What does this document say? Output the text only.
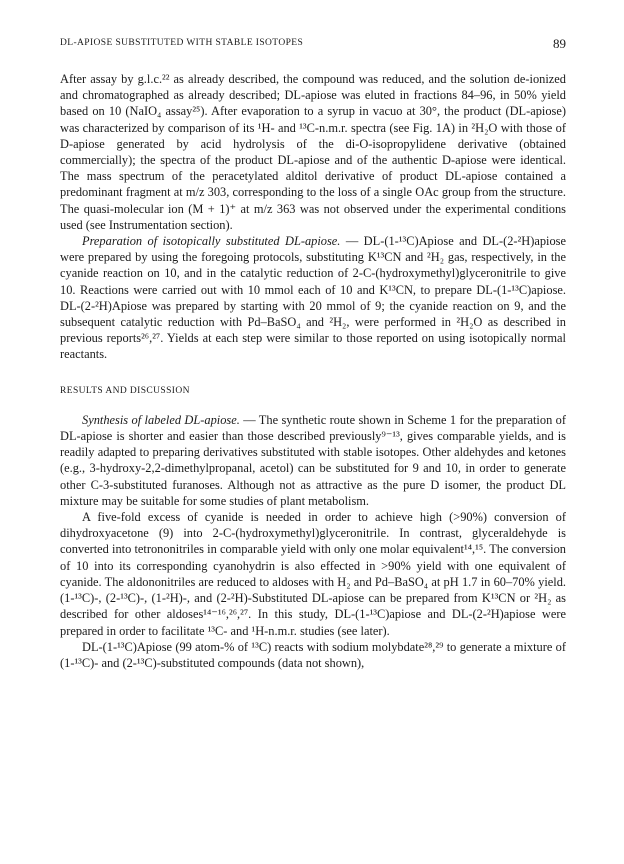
DL-APIOSE SUBSTITUTED WITH STABLE ISOTOPES	89

After assay by g.l.c.²² as already described, the compound was reduced, and the solution de-ionized and chromatographed as already described; DL-apiose was eluted in fractions 84–96, in 50% yield based on 10 (NaIO₄ assay²⁵). After evaporation to a syrup in vacuo at 30°, the product (DL-apiose) was characterized by comparison of its ¹H- and ¹³C-n.m.r. spectra (see Fig. 1A) in ²H₂O with those of D-apiose generated by acid hydrolysis of the di-O-isopropylidene derivative (obtained commercially); the spectra of the product DL-apiose and of the authentic D-apiose were identical. The mass spectrum of the peracetylated alditol derivative of product DL-apiose contained a predominant fragment at m/z 303, corresponding to the loss of a single OAc group from the structure. The quasi-molecular ion (M + 1)⁺ at m/z 363 was not observed under the experimental conditions used (see Instrumentation section).

Preparation of isotopically substituted DL-apiose. — DL-(1-¹³C)Apiose and DL-(2-²H)apiose were prepared by using the foregoing protocols, substituting K¹³CN and ²H₂ gas, respectively, in the cyanide reaction on 10, and in the catalytic reduction of 2-C-(hydroxymethyl)glyceronitrile to give 10. Reactions were carried out with 10 mmol each of 10 and K¹³CN, to prepare DL-(1-¹³C)apiose. DL-(2-²H)Apiose was prepared by starting with 20 mmol of 9; the cyanide reaction on 9, and the subsequent catalytic reduction with Pd–BaSO₄ and ²H₂, were performed in ²H₂O as described in previous reports²⁶,²⁷. Yields at each step were similar to those reported on using isotopically normal reactants.

RESULTS AND DISCUSSION

Synthesis of labeled DL-apiose. — The synthetic route shown in Scheme 1 for the preparation of DL-apiose is shorter and easier than those described previously⁹⁻¹³, gives comparable yields, and is readily adapted to preparing derivatives substituted with stable isotopes. Other aldehydes and ketones (e.g., 3-hydroxy-2,2-dimethylpropanal, acetol) can be substituted for 9 and 10, in order to generate other C-3-substituted furanoses. Although not as attractive as the pure D isomer, the product DL mixture may be suitable for some studies of plant metabolism.

A five-fold excess of cyanide is needed in order to achieve high (>90%) conversion of dihydroxyacetone (9) into 2-C-(hydroxymethyl)glyceronitrile. In contrast, glyceraldehyde is converted into tetrononitriles in comparable yield with only one molar equivalent¹⁴,¹⁵. The conversion of 10 into its corresponding cyanohydrin is also effected in >90% yield with one equivalent of cyanide. The aldononitriles are reduced to aldoses with H₂ and Pd–BaSO₄ at pH 1.7 in 60–70% yield. (1-¹³C)-, (2-¹³C)-, (1-²H)-, and (2-²H)-Substituted DL-apiose can be prepared from K¹³CN or ²H₂ as described for other aldoses¹⁴⁻¹⁶,²⁶,²⁷. In this study, DL-(1-¹³C)apiose and DL-(2-²H)apiose were prepared in order to facilitate ¹³C- and ¹H-n.m.r. studies (see later).

DL-(1-¹³C)Apiose (99 atom-% of ¹³C) reacts with sodium molybdate²⁸,²⁹ to generate a mixture of (1-¹³C)- and (2-¹³C)-substituted compounds (data not shown),
